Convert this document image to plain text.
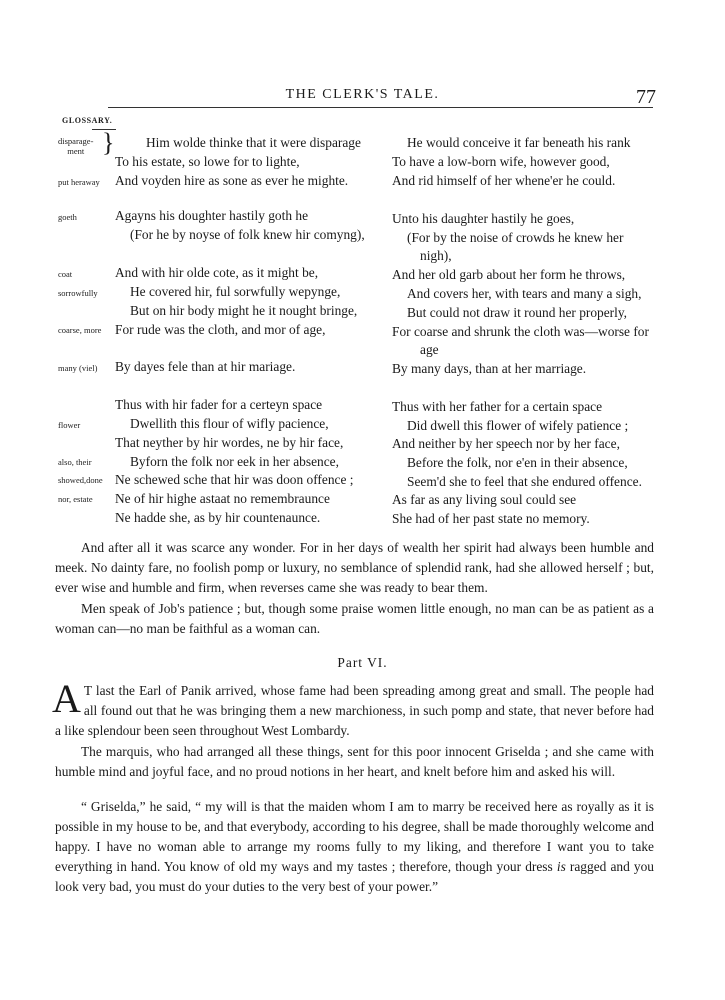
THE CLERK'S TALE.	77
GLOSSARY.
disparage-
ment }
put heraway
goeth
coat
sorrowfully
coarse, more
many (viel)
flower
also, their
showed,done
nor, estate
Him wolde thinke that it were disparage
To his estate, so lowe for to lighte,
And voyden hire as sone as ever he mighte.
Agayns his doughter hastily goth he
(For he by noyse of folk knew hir comyng),
And with hir olde cote, as it might be,
He covered hir, ful sorwfully wepynge,
But on hir body might he it nought bringe,
For rude was the cloth, and mor of age,
By dayes fele than at hir mariage.
Thus with hir fader for a certeyn space
Dwellith this flour of wifly pacience,
That neyther by hir wordes, ne by hir face,
Byforn the folk nor eek in her absence,
Ne schewed sche that hir was doon offence ;
Ne of hir highe astaat no remembraunce
Ne hadde she, as by hir countenaunce.
He would conceive it far beneath his rank
To have a low-born wife, however good,
And rid himself of her whene'er he could.
Unto his daughter hastily he goes,
(For by the noise of crowds he knew her
nigh),
And her old garb about her form he throws,
And covers her, with tears and many a sigh,
But could not draw it round her properly,
For coarse and shrunk the cloth was—worse for
age
By many days, than at her marriage.
Thus with her father for a certain space
Did dwell this flower of wifely patience ;
And neither by her speech nor by her face,
Before the folk, nor e'en in their absence,
Seem'd she to feel that she endured offence.
As far as any living soul could see
She had of her past state no memory.
And after all it was scarce any wonder. For in her days of wealth her spirit had always been humble and meek. No dainty fare, no foolish pomp or luxury, no semblance of splendid rank, had she allowed herself ; but, ever wise and humble and firm, when reverses came she was ready to bear them.
Men speak of Job's patience ; but, though some praise women little enough, no man can be as patient as a woman can—no man be faithful as a woman can.
Part VI.
A T last the Earl of Panik arrived, whose fame had been spreading among great and small. The people had all found out that he was bringing them a new marchioness, in such pomp and state, that never before had a like splendour been seen throughout West Lombardy.
The marquis, who had arranged all these things, sent for this poor innocent Griselda ; and she came with humble mind and joyful face, and no proud notions in her heart, and knelt before him and asked his will.
“ Griselda,” he said, “ my will is that the maiden whom I am to marry be received here as royally as it is possible in my house to be, and that everybody, according to his degree, shall be made thoroughly welcome and happy. I have no woman able to arrange my rooms fully to my liking, and therefore I want you to take everything in hand. You know of old my ways and my tastes ; therefore, though your dress is ragged and you look very bad, you must do your duties to the very best of your power.”
